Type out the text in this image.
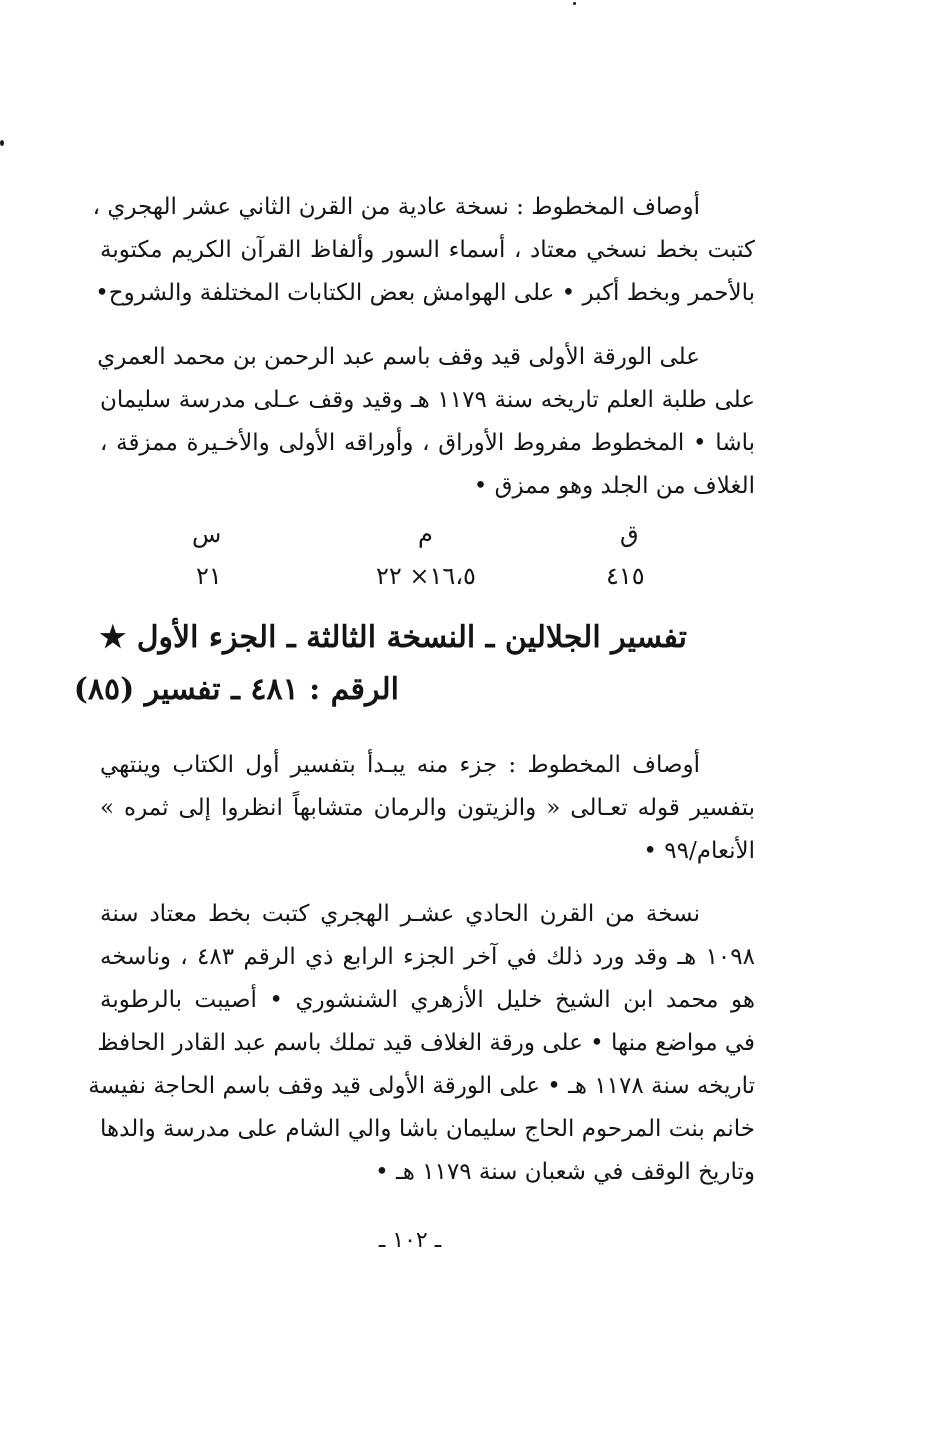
أوصاف المخطوط : نسخة عادية من القرن الثاني عشر الهجري ،
كتبت بخط نسخي معتاد ، أسماء السور وألفاظ القرآن الكريم مكتوبة
بالأحمر وبخط أكبر • على الهوامش بعض الكتابات المختلفة والشروح•
على الورقة الأولى قيد وقف باسم عبد الرحمن بن محمد العمري
على طلبة العلم تاريخه سنة ١١٧٩ هـ وقيد وقف عـلى مدرسة سليمان
باشا • المخطوط مفروط الأوراق ، وأوراقه الأولى والأخـيرة ممزقة ،
الغلاف من الجلد وهو ممزق •
ق
م
س
٤١٥
١٦،٥× ٢٢
٢١
تفسير الجلالين ـ النسخة الثالثة ـ الجزء الأول ★
الرقم : ٤٨١ ـ تفسير (٨٥)
أوصاف المخطوط : جزء منه يبـدأ بتفسير أول الكتاب وينتهي
بتفسير قوله تعـالى « والزيتون والرمان متشابهاً انظروا إلى ثمره »
الأنعام/٩٩ •
نسخة من القرن الحادي عشـر الهجري كتبت بخط معتاد سنة
١٠٩٨ هـ وقد ورد ذلك في آخر الجزء الرابع ذي الرقم ٤٨٣ ، وناسخه
هو محمد ابن الشيخ خليل الأزهري الشنشوري • أصيبت بالرطوبة
في مواضع منها • على ورقة الغلاف قيد تملك باسم عبد القادر الحافظ
تاريخه سنة ١١٧٨ هـ • على الورقة الأولى قيد وقف باسم الحاجة نفيسة
خانم بنت المرحوم الحاج سليمان باشا والي الشام على مدرسة والدها
وتاريخ الوقف في شعبان سنة ١١٧٩ هـ •
ـ ١٠٢ ـ
